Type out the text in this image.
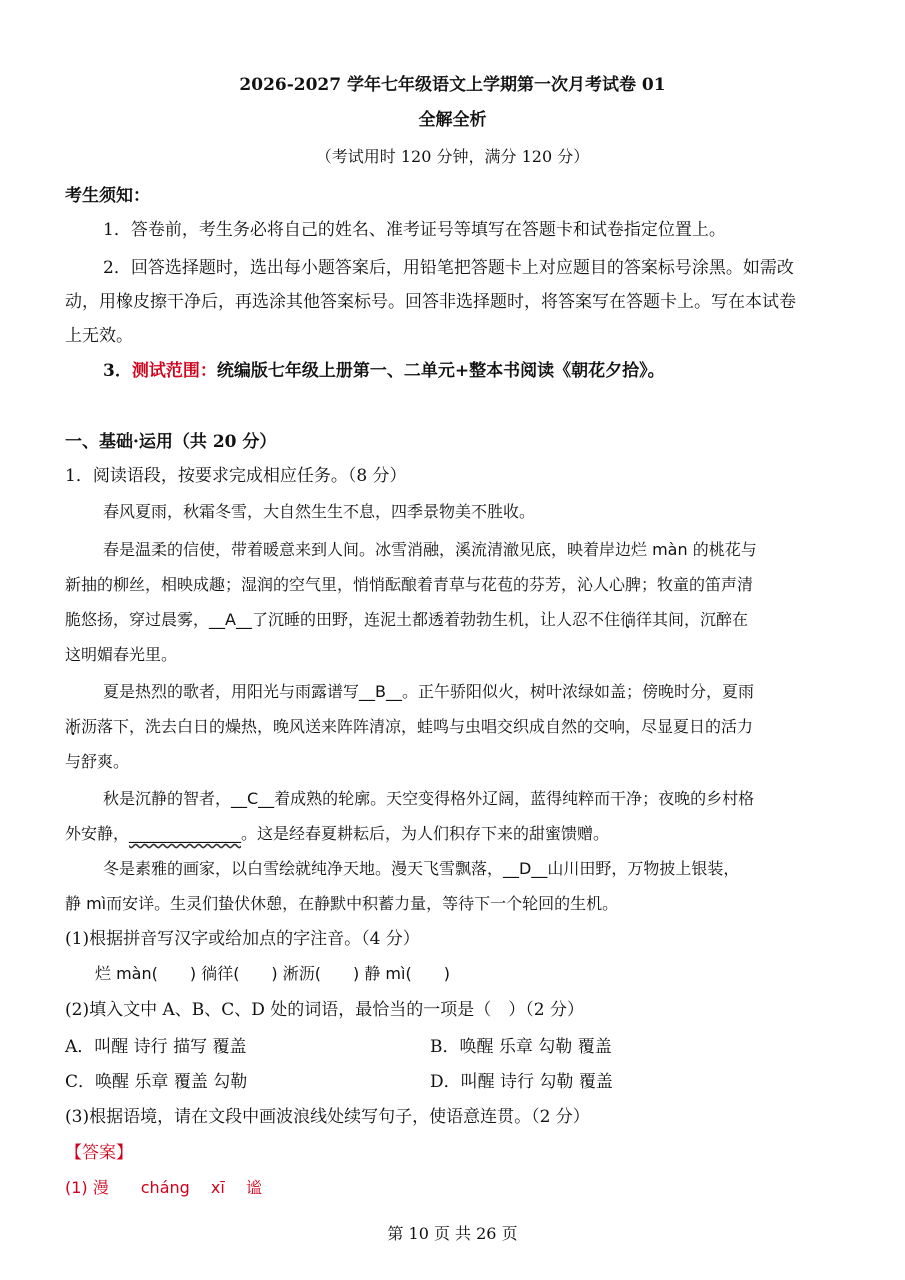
2026-2027 学年七年级语文上学期第一次月考试卷 01
全解全析
（考试用时 120 分钟，满分 120 分）
考生须知：
1．答卷前，考生务必将自己的姓名、准考证号等填写在答题卡和试卷指定位置上。
2．回答选择题时，选出每小题答案后，用铅笔把答题卡上对应题目的答案标号涂黑。如需改
动，用橡皮擦干净后，再选涂其他答案标号。回答非选择题时，将答案写在答题卡上。写在本试卷
上无效。
3．测试范围：统编版七年级上册第一、二单元+整本书阅读《朝花夕拾》。
一、基础·运用（共 20 分）
1．阅读语段，按要求完成相应任务。（8 分）
春风夏雨，秋霜冬雪，大自然生生不息，四季景物美不胜收。
春是温柔的信使，带着暖意来到人间。冰雪消融，溪流清澈见底，映着岸边烂 màn 的桃花与
新抽的柳丝，相映成趣；湿润的空气里，悄悄酝酿着青草与花苞的芬芳，沁人心脾；牧童的笛声清
脆悠扬，穿过晨雾，__A__了沉睡的田野，连泥土都透着勃勃生机，让人忍不住徜徉其间，沉醉在
这明媚春光里。
夏是热烈的歌者，用阳光与雨露谱写__B__。正午骄阳似火，树叶浓绿如盖；傍晚时分，夏雨
淅沥落下，洗去白日的燥热，晚风送来阵阵清凉，蛙鸣与虫唱交织成自然的交响，尽显夏日的活力
与舒爽。
秋是沉静的智者，__C__着成熟的轮廓。天空变得格外辽阔，蓝得纯粹而干净；夜晚的乡村格
外安静，______________。这是经春夏耕耘后，为人们积存下来的甜蜜馈赠。
冬是素雅的画家，以白雪绘就纯净天地。漫天飞雪飘落，__D__山川田野，万物披上银装，
静 mì而安详。生灵们蛰伏休憩，在静默中积蓄力量，等待下一个轮回的生机。
(1)根据拼音写汉字或给加点的字注音。（4 分）
烂 màn(　　) 徜徉(　　) 淅沥(　　) 静 mì(　　)
(2)填入文中 A、B、C、D 处的词语，最恰当的一项是（　）（2 分）
A．叫醒 诗行 描写 覆盖	B．唤醒 乐章 勾勒 覆盖
C．唤醒 乐章 覆盖 勾勒	D．叫醒 诗行 勾勒 覆盖
(3)根据语境，请在文段中画波浪线处续写句子，使语意连贯。（2 分）
【答案】
(1) 漫　　cháng　 xī　 谧
第 10 页 共 26 页
